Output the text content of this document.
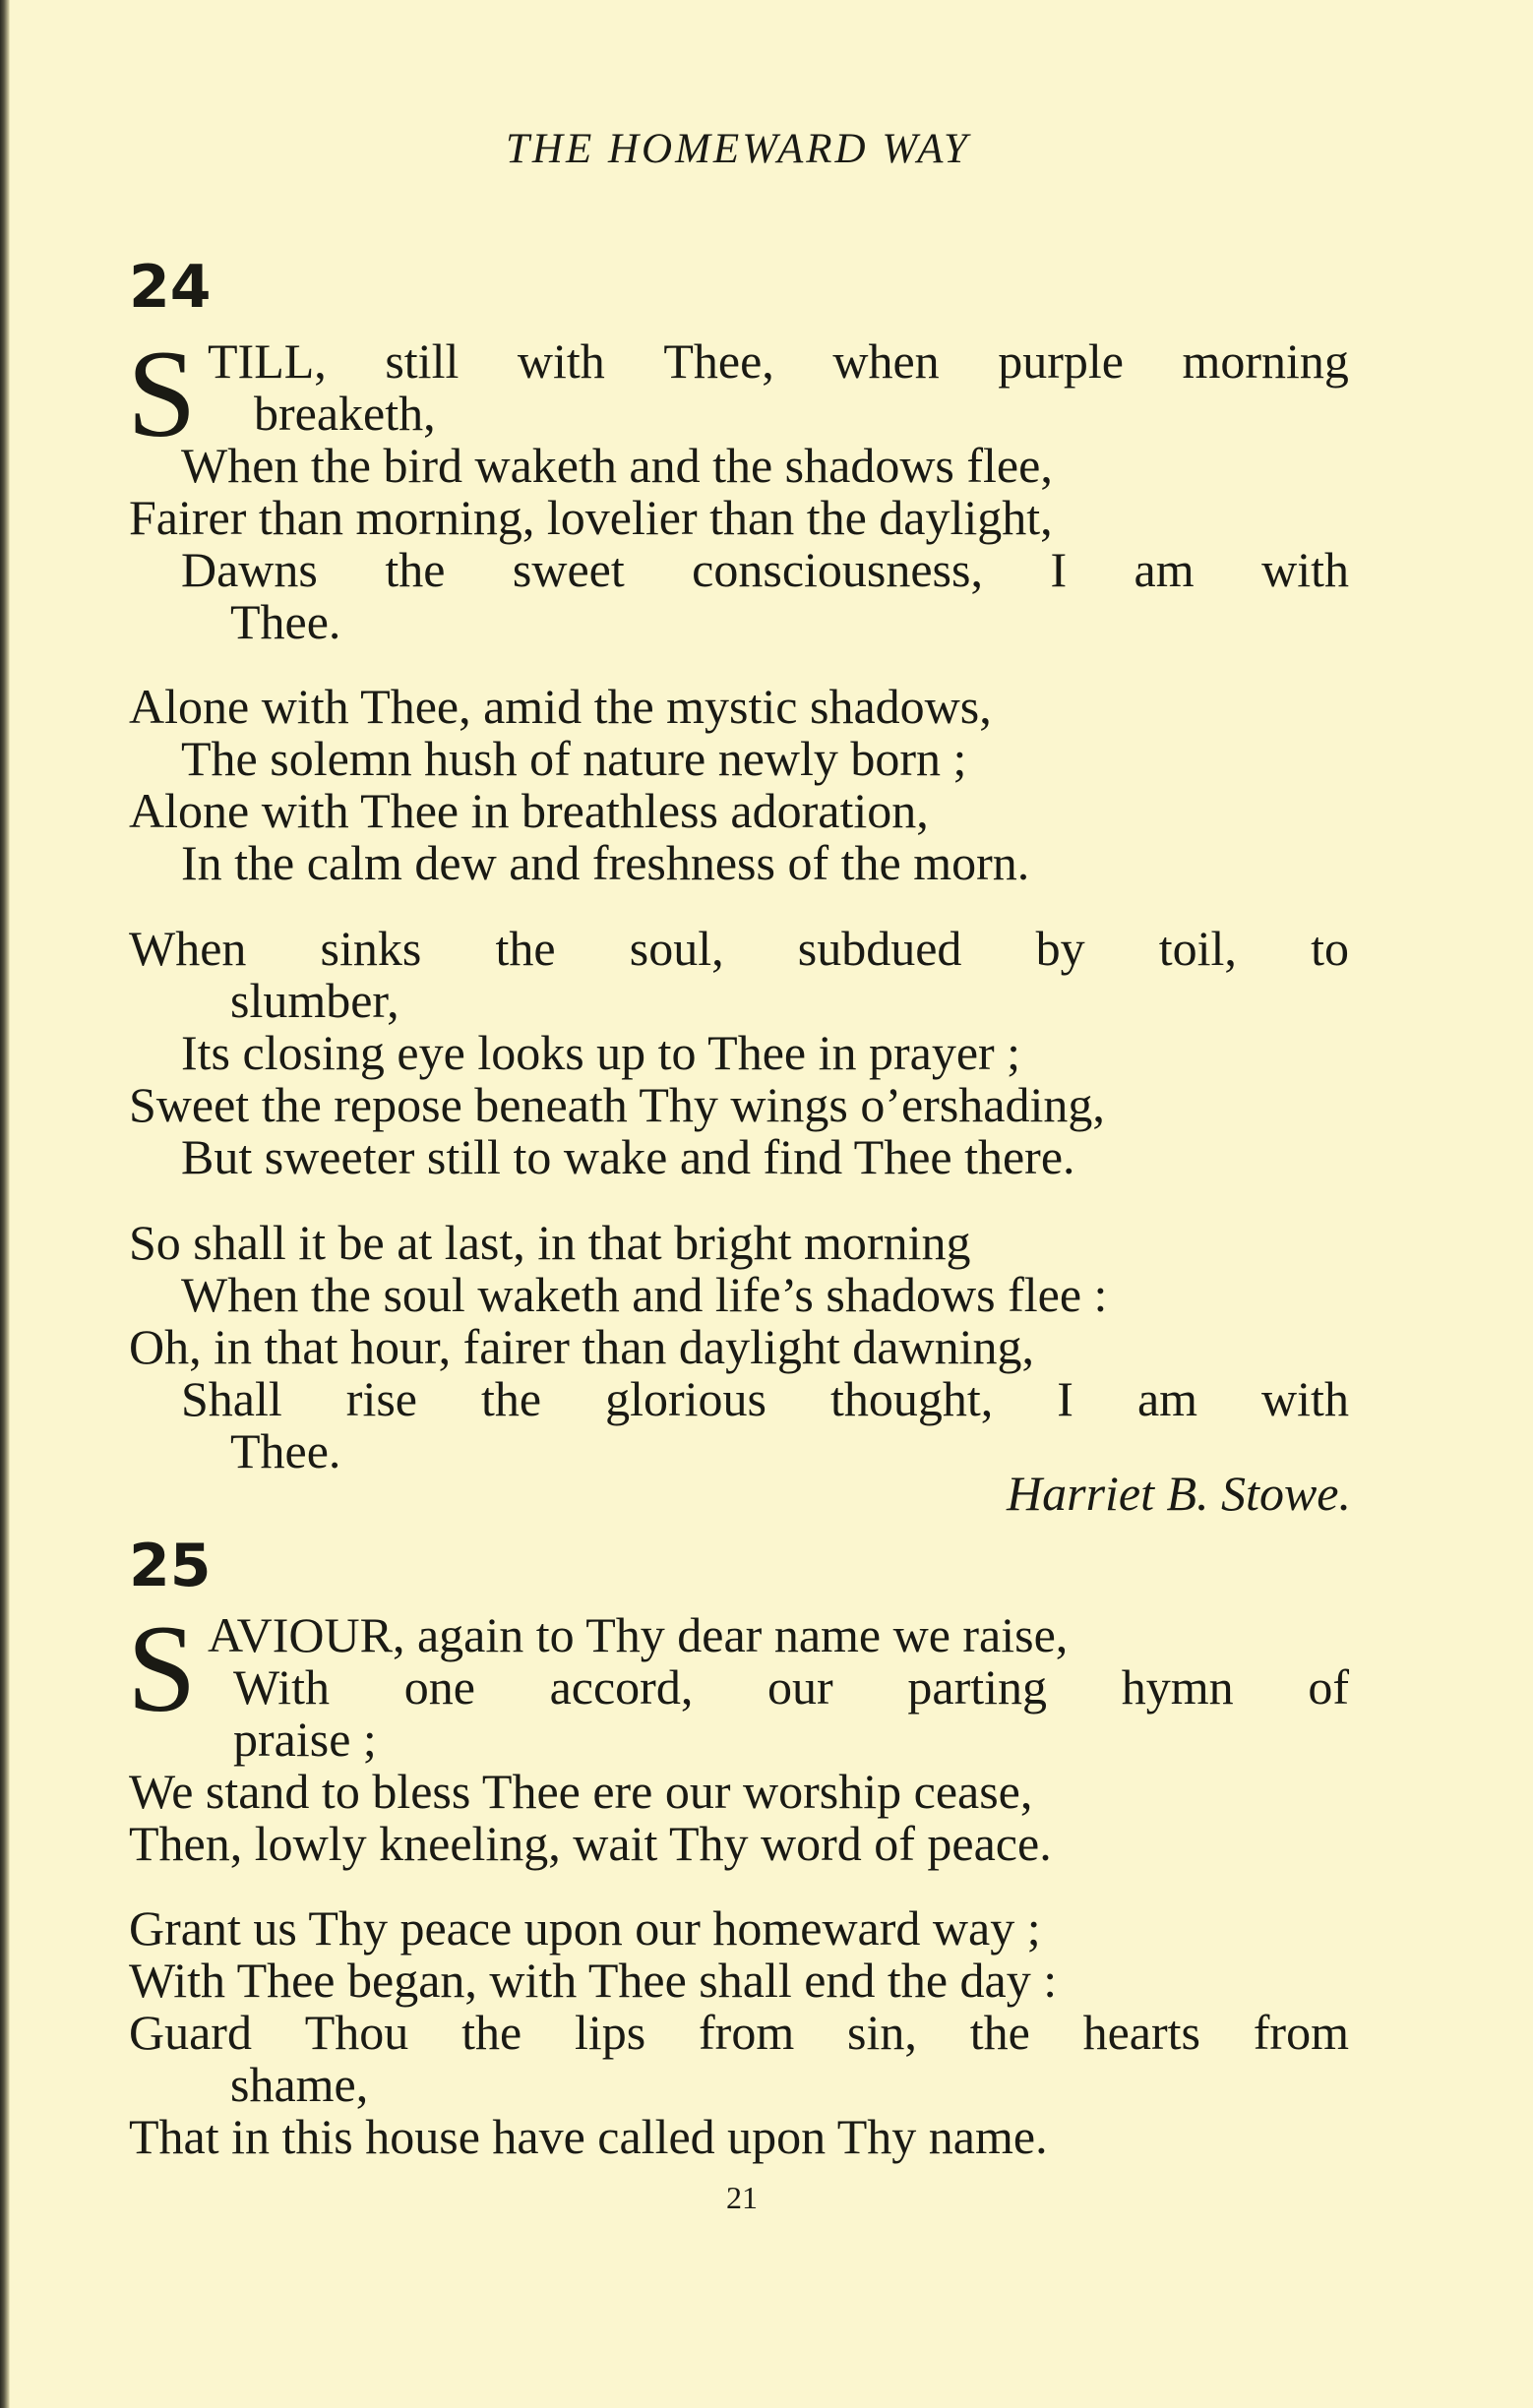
THE HOMEWARD WAY
24
S TILL, still with Thee, when purple morning
breaketh,
When the bird waketh and the shadows flee,
Fairer than morning, lovelier than the daylight,
Dawns the sweet consciousness, I am with
Thee.
Alone with Thee, amid the mystic shadows,
The solemn hush of nature newly born ;
Alone with Thee in breathless adoration,
In the calm dew and freshness of the morn.
When sinks the soul, subdued by toil, to
slumber,
Its closing eye looks up to Thee in prayer ;
Sweet the repose beneath Thy wings o’ershading,
But sweeter still to wake and find Thee there.
So shall it be at last, in that bright morning
When the soul waketh and life’s shadows flee :
Oh, in that hour, fairer than daylight dawning,
Shall rise the glorious thought, I am with
Thee.
Harriet B. Stowe.
25
S AVIOUR, again to Thy dear name we raise,
With one accord, our parting hymn of
praise ;
We stand to bless Thee ere our worship cease,
Then, lowly kneeling, wait Thy word of peace.
Grant us Thy peace upon our homeward way ;
With Thee began, with Thee shall end the day :
Guard Thou the lips from sin, the hearts from
shame,
That in this house have called upon Thy name.
21
